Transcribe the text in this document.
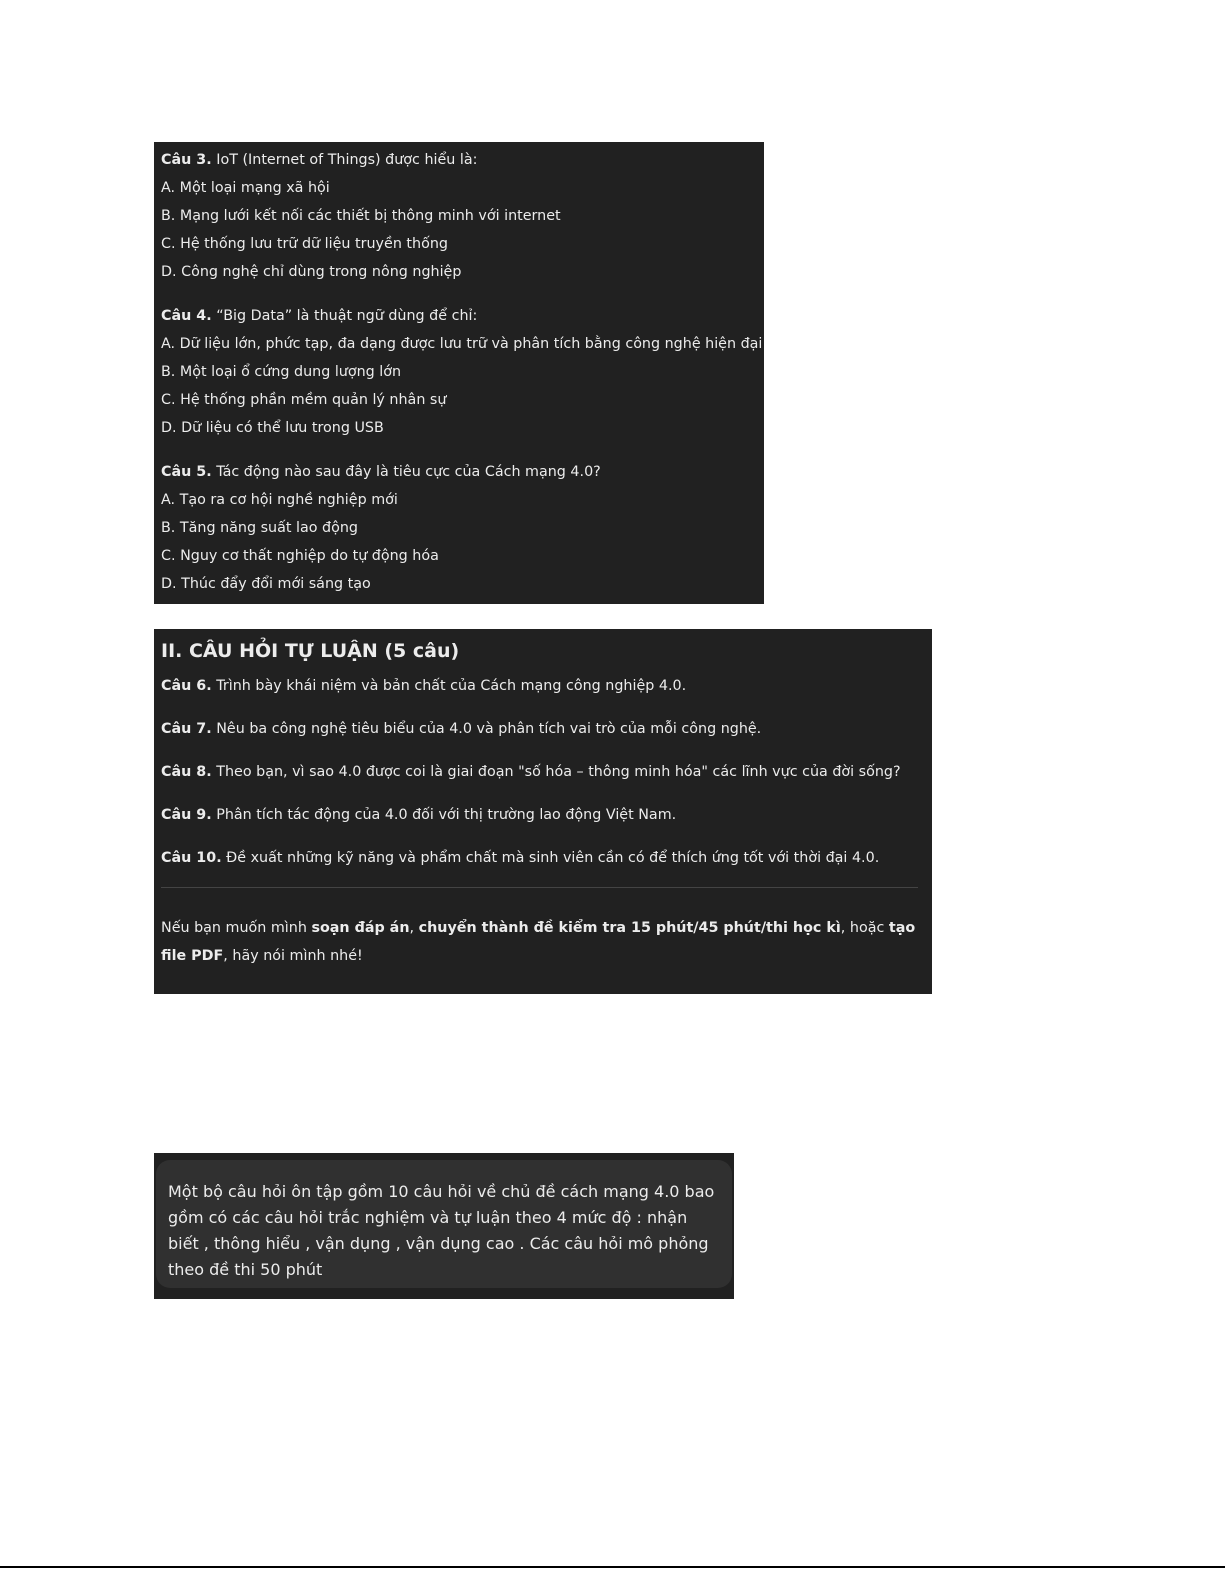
Câu 3. IoT (Internet of Things) được hiểu là:
A. Một loại mạng xã hội
B. Mạng lưới kết nối các thiết bị thông minh với internet
C. Hệ thống lưu trữ dữ liệu truyền thống
D. Công nghệ chỉ dùng trong nông nghiệp
Câu 4. “Big Data” là thuật ngữ dùng để chỉ:
A. Dữ liệu lớn, phức tạp, đa dạng được lưu trữ và phân tích bằng công nghệ hiện đại
B. Một loại ổ cứng dung lượng lớn
C. Hệ thống phần mềm quản lý nhân sự
D. Dữ liệu có thể lưu trong USB
Câu 5. Tác động nào sau đây là tiêu cực của Cách mạng 4.0?
A. Tạo ra cơ hội nghề nghiệp mới
B. Tăng năng suất lao động
C. Nguy cơ thất nghiệp do tự động hóa
D. Thúc đẩy đổi mới sáng tạo
II. CÂU HỎI TỰ LUẬN (5 câu)
Câu 6. Trình bày khái niệm và bản chất của Cách mạng công nghiệp 4.0.
Câu 7. Nêu ba công nghệ tiêu biểu của 4.0 và phân tích vai trò của mỗi công nghệ.
Câu 8. Theo bạn, vì sao 4.0 được coi là giai đoạn "số hóa – thông minh hóa" các lĩnh vực của đời sống?
Câu 9. Phân tích tác động của 4.0 đối với thị trường lao động Việt Nam.
Câu 10. Đề xuất những kỹ năng và phẩm chất mà sinh viên cần có để thích ứng tốt với thời đại 4.0.
Nếu bạn muốn mình soạn đáp án, chuyển thành đề kiểm tra 15 phút/45 phút/thi học kì, hoặc tạo file PDF, hãy nói mình nhé!
Một bộ câu hỏi ôn tập gồm 10 câu hỏi về chủ đề cách mạng 4.0 bao gồm có các câu hỏi trắc nghiệm và tự luận theo 4 mức độ : nhận biết , thông hiểu , vận dụng , vận dụng cao . Các câu hỏi mô phỏng theo đề thi 50 phút
